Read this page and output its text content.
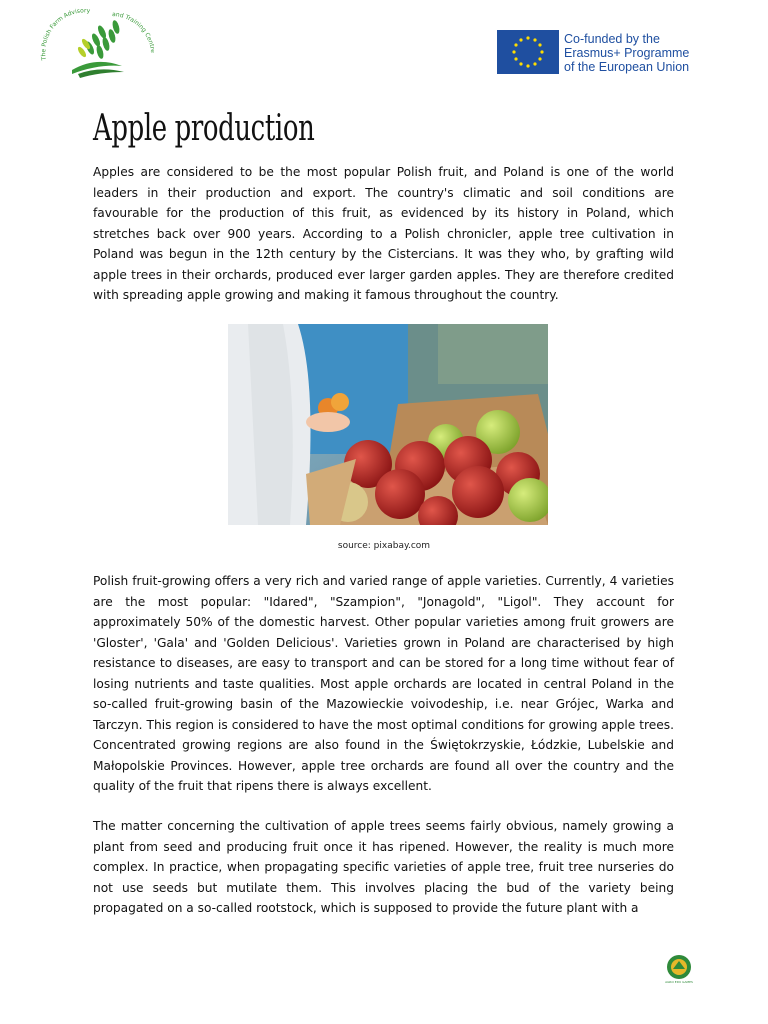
The Polish Farm Advisory
and Training Cen	Co-funded by the
Erasmus+ Programme
of the European Union
Apple production

Apples are considered to be the most popular Polish fruit, and Poland is one of the world leaders in their production and export. The country's climatic and soil conditions are favourable for the production of this fruit, as evidenced by its history in Poland, which stretches back over 900 years. According to a Polish chronicler, apple tree cultivation in Poland was begun in the 12th century by the Cistercians. It was they who, by grafting wild apple trees in their orchards, produced ever larger garden apples. They are therefore credited with spreading apple growing and making it famous throughout the country.

source: pixabay.com

Polish fruit-growing offers a very rich and varied range of apple varieties. Currently, 4 varieties are the most popular: "Idared", "Szampion", "Jonagold", "Ligol". They account for approximately 50% of the domestic harvest. Other popular varieties among fruit growers are 'Gloster', 'Gala' and 'Golden Delicious'. Varieties grown in Poland are characterised by high resistance to diseases, are easy to transport and can be stored for a long time without fear of losing nutrients and taste qualities. Most apple orchards are located in central Poland in the so-called fruit-growing basin of the Mazowieckie voivodeship, i.e. near Grójec, Warka and Tarczyn. This region is considered to have the most optimal conditions for growing apple trees. Concentrated growing regions are also found in the Świętokrzyskie, Łódzkie, Lubelskie and Małopolskie Provinces. However, apple tree orchards are found all over the country and the quality of the fruit that ripens there is always excellent.

The matter concerning the cultivation of apple trees seems fairly obvious, namely growing a plant from seed and producing fruit once it has ripened. However, the reality is much more complex. In practice, when propagating specific varieties of apple tree, fruit tree nurseries do not use seeds but mutilate them. This involves placing the bud of the variety being propagated on a so-called rootstock, which is supposed to provide the future plant with a

AGRO EDU GAMES
